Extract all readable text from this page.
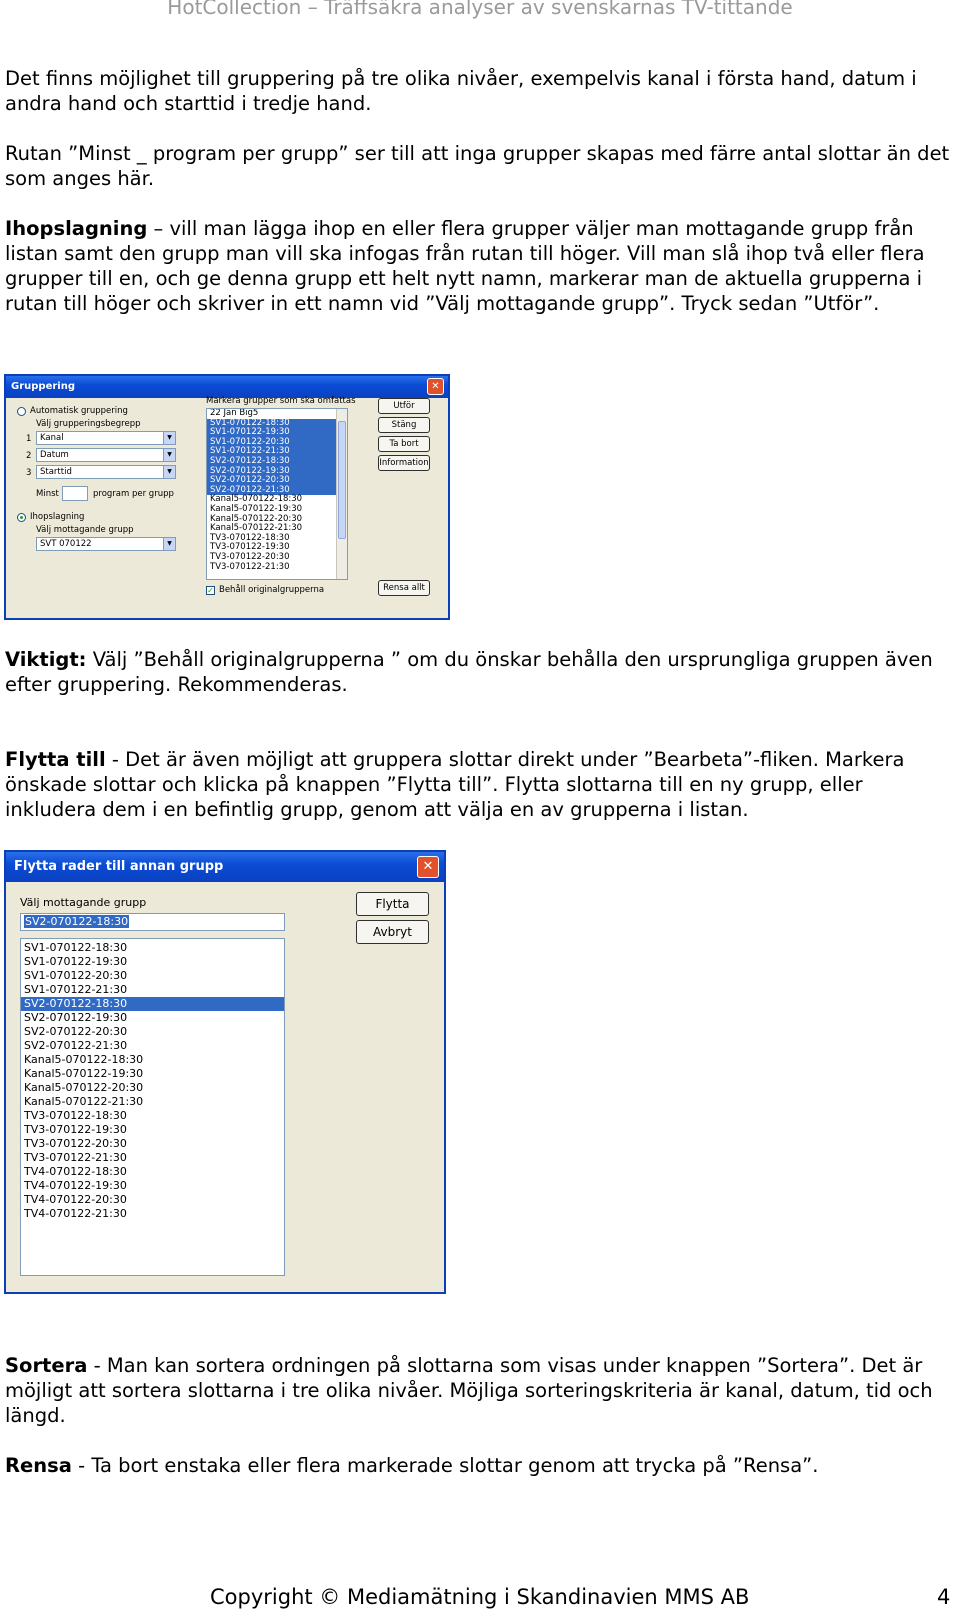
HotCollection – Träffsäkra analyser av svenskarnas TV-tittande

Det finns möjlighet till gruppering på tre olika nivåer, exempelvis kanal i första hand, datum i andra hand och starttid i tredje hand.

Rutan ”Minst _ program per grupp” ser till att inga grupper skapas med färre antal slottar än det som anges här.

Ihopslagning – vill man lägga ihop en eller flera grupper väljer man mottagande grupp från listan samt den grupp man vill ska infogas från rutan till höger. Vill man slå ihop två eller flera grupper till en, och ge denna grupp ett helt nytt namn, markerar man de aktuella grupperna i rutan till höger och skriver in ett namn vid ”Välj mottagande grupp”. Tryck sedan ”Utför”.

Gruppering	✕
Automatisk gruppering
Välj grupperingsbegrepp
1	Kanal	▼
2	Datum	▼
3	Starttid	▼
Minst	program per grupp
Ihopslagning
Välj mottagande grupp
SVT 070122	▼
Markera grupper som ska omfattas
22 Jan Big5
SV1-070122-18:30
SV1-070122-19:30
SV1-070122-20:30
SV1-070122-21:30
SV2-070122-18:30
SV2-070122-19:30
SV2-070122-20:30
SV2-070122-21:30
Kanal5-070122-18:30
Kanal5-070122-19:30
Kanal5-070122-20:30
Kanal5-070122-21:30
TV3-070122-18:30
TV3-070122-19:30
TV3-070122-20:30
TV3-070122-21:30
✓ Behåll originalgrupperna
Utför
Stäng
Ta bort
Information
Rensa allt

Viktigt: Välj ”Behåll originalgrupperna ” om du önskar behålla den ursprungliga gruppen även efter gruppering. Rekommenderas.

Flytta till - Det är även möjligt att gruppera slottar direkt under ”Bearbeta”-fliken. Markera önskade slottar och klicka på knappen ”Flytta till”. Flytta slottarna till en ny grupp, eller inkludera dem i en befintlig grupp, genom att välja en av grupperna i listan.

Flytta rader till annan grupp	✕
Välj mottagande grupp
SV2-070122-18:30
SV1-070122-18:30
SV1-070122-19:30
SV1-070122-20:30
SV1-070122-21:30
SV2-070122-18:30
SV2-070122-19:30
SV2-070122-20:30
SV2-070122-21:30
Kanal5-070122-18:30
Kanal5-070122-19:30
Kanal5-070122-20:30
Kanal5-070122-21:30
TV3-070122-18:30
TV3-070122-19:30
TV3-070122-20:30
TV3-070122-21:30
TV4-070122-18:30
TV4-070122-19:30
TV4-070122-20:30
TV4-070122-21:30
Flytta
Avbryt

Sortera - Man kan sortera ordningen på slottarna som visas under knappen ”Sortera”. Det är möjligt att sortera slottarna i tre olika nivåer. Möjliga sorteringskriteria är kanal, datum, tid och längd.

Rensa - Ta bort enstaka eller flera markerade slottar genom att trycka på ”Rensa”.

Copyright © Mediamätning i Skandinavien MMS AB	4
